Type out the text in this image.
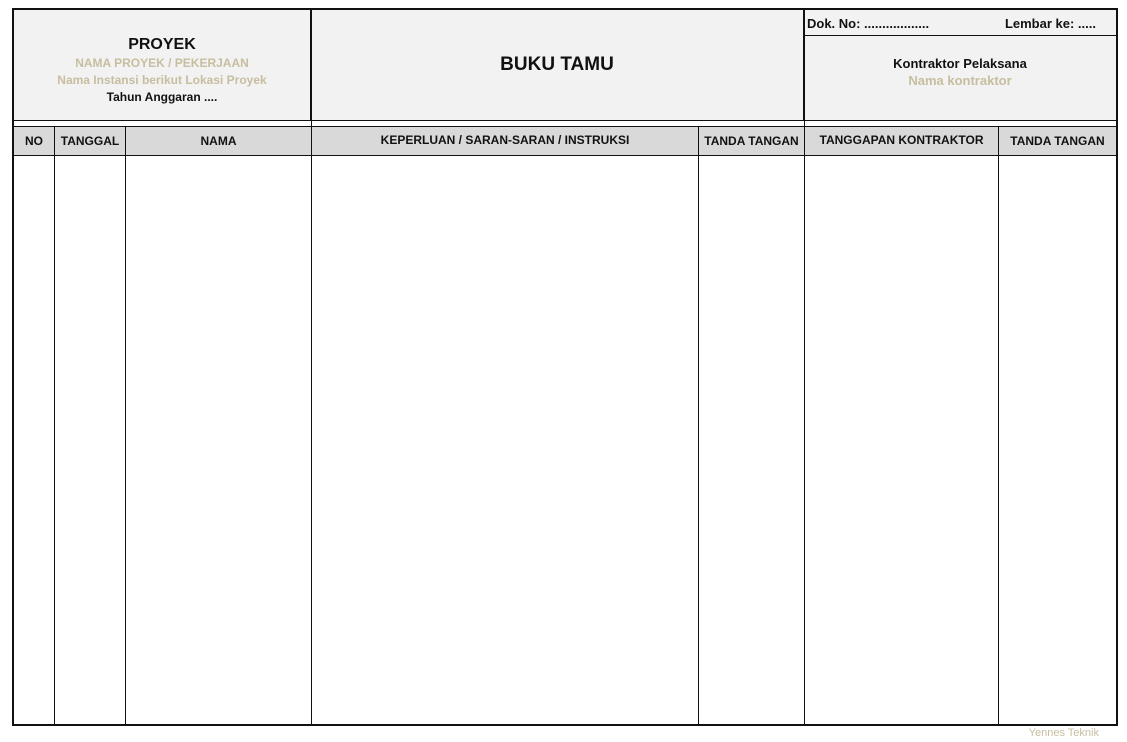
PROYEK
NAMA PROYEK / PEKERJAAN
Nama Instansi berikut Lokasi Proyek
Tahun Anggaran ....
BUKU TAMU
Dok. No: ..................	Lembar ke: .....
Kontraktor Pelaksana
Nama kontraktor
NO	TANGGAL	NAMA	KEPERLUAN / SARAN-SARAN / INSTRUKSI	TANDA TANGAN	TANGGAPAN KONTRAKTOR	TANDA TANGAN
Yennes Teknik
